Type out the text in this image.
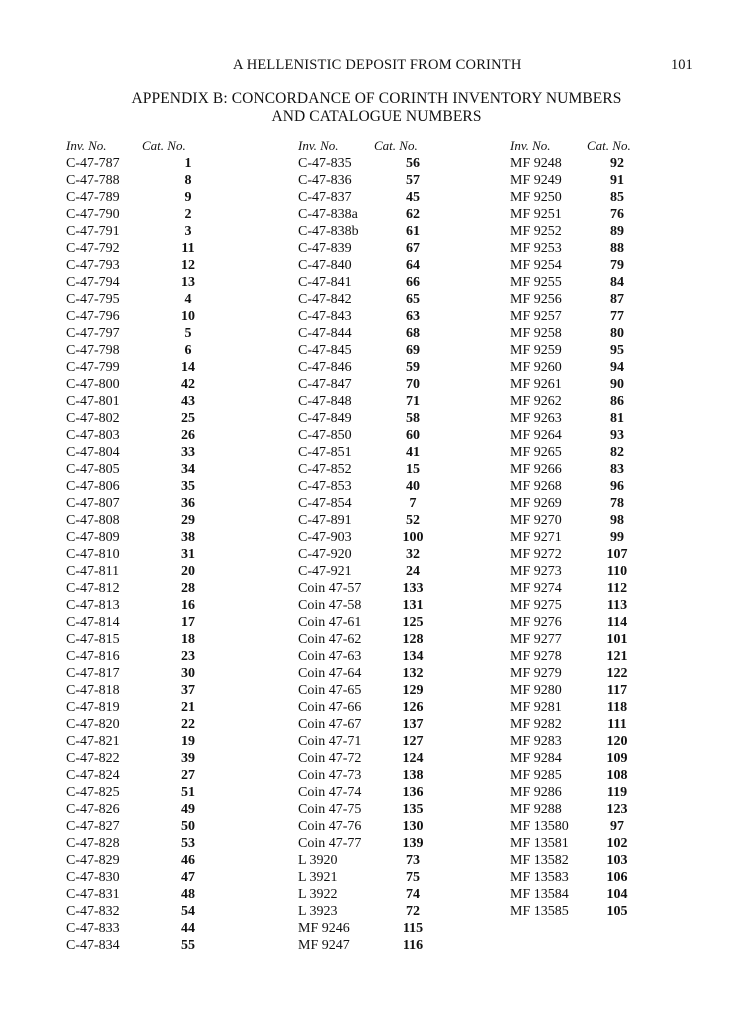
A HELLENISTIC DEPOSIT FROM CORINTH	101
APPENDIX B: CONCORDANCE OF CORINTH INVENTORY NUMBERS
AND CATALOGUE NUMBERS
Inv. No.	Cat. No.
C-47-787	1
C-47-788	8
C-47-789	9
C-47-790	2
C-47-791	3
C-47-792	11
C-47-793	12
C-47-794	13
C-47-795	4
C-47-796	10
C-47-797	5
C-47-798	6
C-47-799	14
C-47-800	42
C-47-801	43
C-47-802	25
C-47-803	26
C-47-804	33
C-47-805	34
C-47-806	35
C-47-807	36
C-47-808	29
C-47-809	38
C-47-810	31
C-47-811	20
C-47-812	28
C-47-813	16
C-47-814	17
C-47-815	18
C-47-816	23
C-47-817	30
C-47-818	37
C-47-819	21
C-47-820	22
C-47-821	19
C-47-822	39
C-47-824	27
C-47-825	51
C-47-826	49
C-47-827	50
C-47-828	53
C-47-829	46
C-47-830	47
C-47-831	48
C-47-832	54
C-47-833	44
C-47-834	55
Inv. No.	Cat. No.
C-47-835	56
C-47-836	57
C-47-837	45
C-47-838a	62
C-47-838b	61
C-47-839	67
C-47-840	64
C-47-841	66
C-47-842	65
C-47-843	63
C-47-844	68
C-47-845	69
C-47-846	59
C-47-847	70
C-47-848	71
C-47-849	58
C-47-850	60
C-47-851	41
C-47-852	15
C-47-853	40
C-47-854	7
C-47-891	52
C-47-903	100
C-47-920	32
C-47-921	24
Coin 47-57	133
Coin 47-58	131
Coin 47-61	125
Coin 47-62	128
Coin 47-63	134
Coin 47-64	132
Coin 47-65	129
Coin 47-66	126
Coin 47-67	137
Coin 47-71	127
Coin 47-72	124
Coin 47-73	138
Coin 47-74	136
Coin 47-75	135
Coin 47-76	130
Coin 47-77	139
L 3920	73
L 3921	75
L 3922	74
L 3923	72
MF 9246	115
MF 9247	116
Inv. No.	Cat. No.
MF 9248	92
MF 9249	91
MF 9250	85
MF 9251	76
MF 9252	89
MF 9253	88
MF 9254	79
MF 9255	84
MF 9256	87
MF 9257	77
MF 9258	80
MF 9259	95
MF 9260	94
MF 9261	90
MF 9262	86
MF 9263	81
MF 9264	93
MF 9265	82
MF 9266	83
MF 9268	96
MF 9269	78
MF 9270	98
MF 9271	99
MF 9272	107
MF 9273	110
MF 9274	112
MF 9275	113
MF 9276	114
MF 9277	101
MF 9278	121
MF 9279	122
MF 9280	117
MF 9281	118
MF 9282	111
MF 9283	120
MF 9284	109
MF 9285	108
MF 9286	119
MF 9288	123
MF 13580	97
MF 13581	102
MF 13582	103
MF 13583	106
MF 13584	104
MF 13585	105
